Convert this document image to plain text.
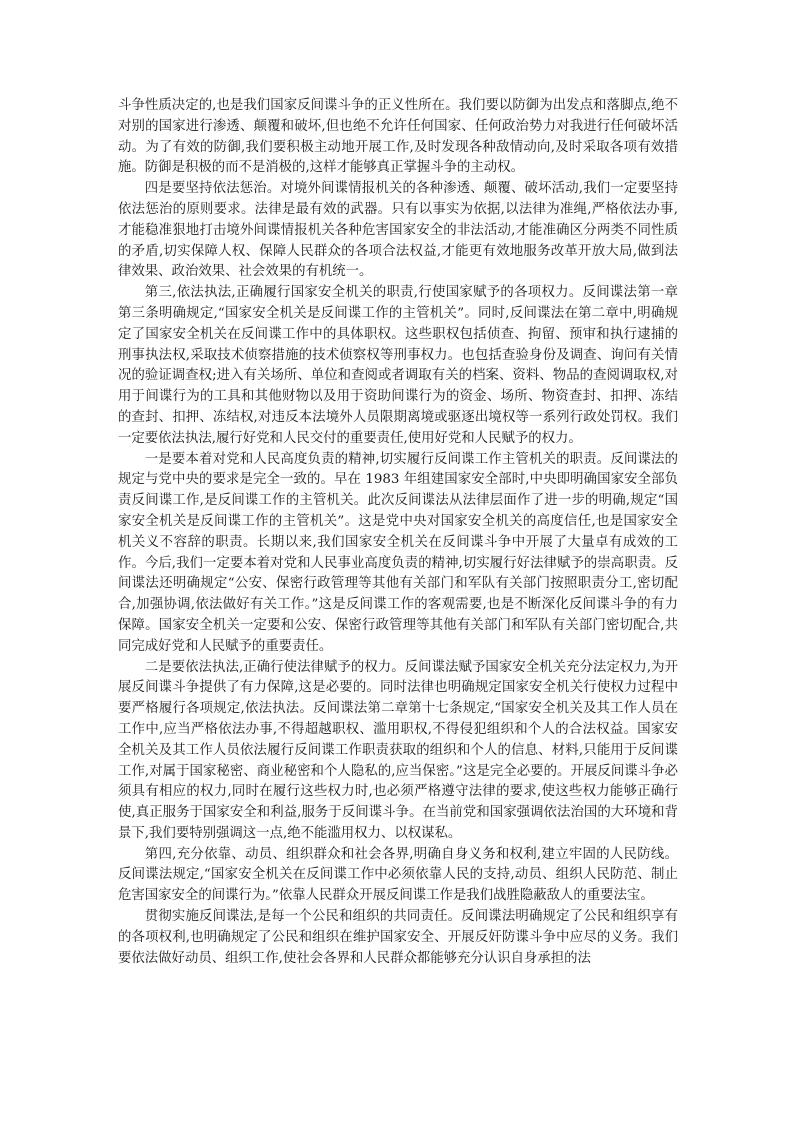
斗争性质决定的,也是我们国家反间谍斗争的正义性所在。我们要以防御为出发点和落脚点,绝不对别的国家进行渗透、颠覆和破坏,但也绝不允许任何国家、任何政治势力对我进行任何破坏活动。为了有效的防御,我们要积极主动地开展工作,及时发现各种敌情动向,及时采取各项有效措施。防御是积极的而不是消极的,这样才能够真正掌握斗争的主动权。

四是要坚持依法惩治。对境外间谍情报机关的各种渗透、颠覆、破坏活动,我们一定要坚持依法惩治的原则要求。法律是最有效的武器。只有以事实为依据,以法律为准绳,严格依法办事,才能稳准狠地打击境外间谍情报机关各种危害国家安全的非法活动,才能准确区分两类不同性质的矛盾,切实保障人权、保障人民群众的各项合法权益,才能更有效地服务改革开放大局,做到法律效果、政治效果、社会效果的有机统一。

第三,依法执法,正确履行国家安全机关的职责,行使国家赋予的各项权力。反间谍法第一章第三条明确规定,“国家安全机关是反间谍工作的主管机关”。同时,反间谍法在第二章中,明确规定了国家安全机关在反间谍工作中的具体职权。这些职权包括侦查、拘留、预审和执行逮捕的刑事执法权,采取技术侦察措施的技术侦察权等刑事权力。也包括查验身份及调查、询问有关情况的验证调查权;进入有关场所、单位和查阅或者调取有关的档案、资料、物品的查阅调取权,对用于间谍行为的工具和其他财物以及用于资助间谍行为的资金、场所、物资查封、扣押、冻结的查封、扣押、冻结权,对违反本法境外人员限期离境或驱逐出境权等一系列行政处罚权。我们一定要依法执法,履行好党和人民交付的重要责任,使用好党和人民赋予的权力。

一是要本着对党和人民高度负责的精神,切实履行反间谍工作主管机关的职责。反间谍法的规定与党中央的要求是完全一致的。早在 1983 年组建国家安全部时,中央即明确国家安全部负责反间谍工作,是反间谍工作的主管机关。此次反间谍法从法律层面作了进一步的明确,规定“国家安全机关是反间谍工作的主管机关”。这是党中央对国家安全机关的高度信任,也是国家安全机关义不容辞的职责。长期以来,我们国家安全机关在反间谍斗争中开展了大量卓有成效的工作。今后,我们一定要本着对党和人民事业高度负责的精神,切实履行好法律赋予的崇高职责。反间谍法还明确规定“公安、保密行政管理等其他有关部门和军队有关部门按照职责分工,密切配合,加强协调,依法做好有关工作。”这是反间谍工作的客观需要,也是不断深化反间谍斗争的有力保障。国家安全机关一定要和公安、保密行政管理等其他有关部门和军队有关部门密切配合,共同完成好党和人民赋予的重要责任。

二是要依法执法,正确行使法律赋予的权力。反间谍法赋予国家安全机关充分法定权力,为开展反间谍斗争提供了有力保障,这是必要的。同时法律也明确规定国家安全机关行使权力过程中要严格履行各项规定,依法执法。反间谍法第二章第十七条规定,“国家安全机关及其工作人员在工作中,应当严格依法办事,不得超越职权、滥用职权,不得侵犯组织和个人的合法权益。国家安全机关及其工作人员依法履行反间谍工作职责获取的组织和个人的信息、材料,只能用于反间谍工作,对属于国家秘密、商业秘密和个人隐私的,应当保密。”这是完全必要的。开展反间谍斗争必须具有相应的权力,同时在履行这些权力时,也必须严格遵守法律的要求,使这些权力能够正确行使,真正服务于国家安全和利益,服务于反间谍斗争。在当前党和国家强调依法治国的大环境和背景下,我们要特别强调这一点,绝不能滥用权力、以权谋私。

第四,充分依靠、动员、组织群众和社会各界,明确自身义务和权利,建立牢固的人民防线。反间谍法规定,“国家安全机关在反间谍工作中必须依靠人民的支持,动员、组织人民防范、制止危害国家安全的间谍行为。”依靠人民群众开展反间谍工作是我们战胜隐蔽敌人的重要法宝。

贯彻实施反间谍法,是每一个公民和组织的共同责任。反间谍法明确规定了公民和组织享有的各项权利,也明确规定了公民和组织在维护国家安全、开展反奸防谍斗争中应尽的义务。我们要依法做好动员、组织工作,使社会各界和人民群众都能够充分认识自身承担的法
